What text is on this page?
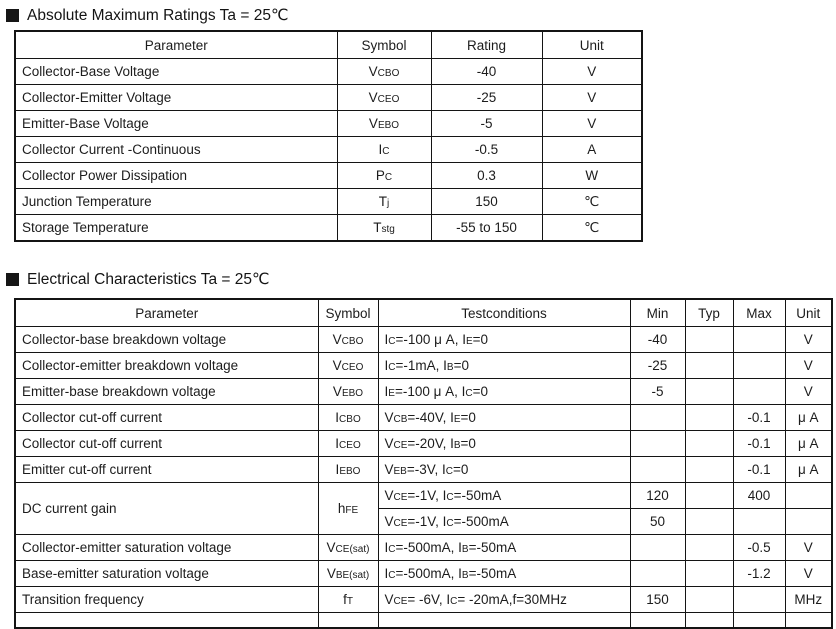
Absolute Maximum Ratings Ta = 25℃
Parameter	Symbol	Rating	Unit
Collector-Base Voltage	VCBO	-40	V
Collector-Emitter Voltage	VCEO	-25	V
Emitter-Base Voltage	VEBO	-5	V
Collector Current -Continuous	IC	-0.5	A
Collector Power Dissipation	PC	0.3	W
Junction Temperature	Tj	150	℃
Storage Temperature	Tstg	-55 to 150	℃
Electrical Characteristics Ta = 25℃
Parameter	Symbol	Testconditions	Min	Typ	Max	Unit
Collector-base breakdown voltage	VCBO	IC=-100 μ A, IE=0	-40			V
Collector-emitter breakdown voltage	VCEO	IC=-1mA, IB=0	-25			V
Emitter-base breakdown voltage	VEBO	IE=-100 μ A, IC=0	-5			V
Collector cut-off current	ICBO	VCB=-40V, IE=0			-0.1	μ A
Collector cut-off current	ICEO	VCE=-20V, IB=0			-0.1	μ A
Emitter cut-off current	IEBO	VEB=-3V, IC=0			-0.1	μ A
DC current gain	hFE	VCE=-1V, IC=-50mA	120		400	
		VCE=-1V, IC=-500mA	50			
Collector-emitter saturation voltage	VCE(sat)	IC=-500mA, IB=-50mA			-0.5	V
Base-emitter saturation voltage	VBE(sat)	IC=-500mA, IB=-50mA			-1.2	V
Transition frequency	fT	VCE= -6V, IC= -20mA,f=30MHz	150			MHz
